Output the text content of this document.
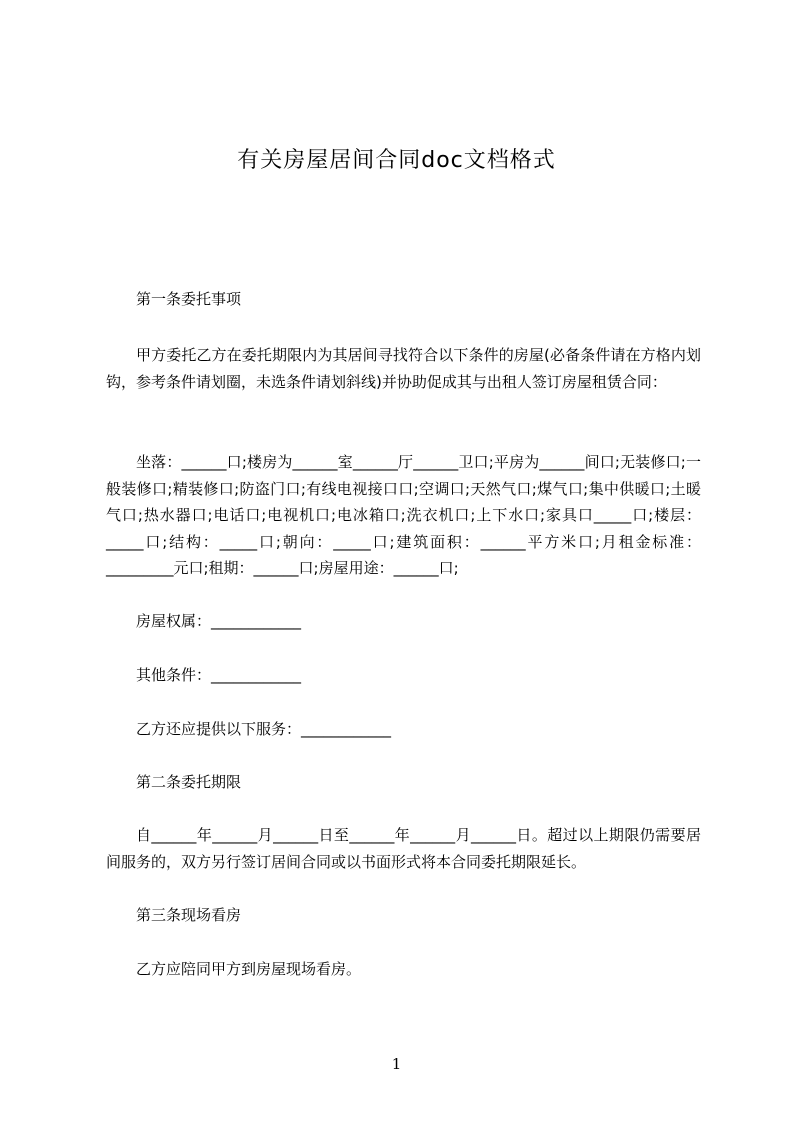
有关房屋居间合同doc文档格式

第一条委托事项

甲方委托乙方在委托期限内为其居间寻找符合以下条件的房屋(必备条件请在方格内划钩，参考条件请划圈，未选条件请划斜线)并协助促成其与出租人签订房屋租赁合同：

坐落：______口;楼房为______室______厅______卫口;平房为______间口;无装修口;一般装修口;精装修口;防盗门口;有线电视接口口;空调口;天然气口;煤气口;集中供暖口;土暖气口;热水器口;电话口;电视机口;电冰箱口;洗衣机口;上下水口;家具口_____口;楼层：_____口;结构：_____口;朝向：_____口;建筑面积：______平方米口;月租金标准：_________元口;租期：______口;房屋用途：______口;

房屋权属：____________

其他条件：____________

乙方还应提供以下服务：____________

第二条委托期限

自______年______月______日至______年______月______日。超过以上期限仍需要居间服务的，双方另行签订居间合同或以书面形式将本合同委托期限延长。

第三条现场看房

乙方应陪同甲方到房屋现场看房。

1
